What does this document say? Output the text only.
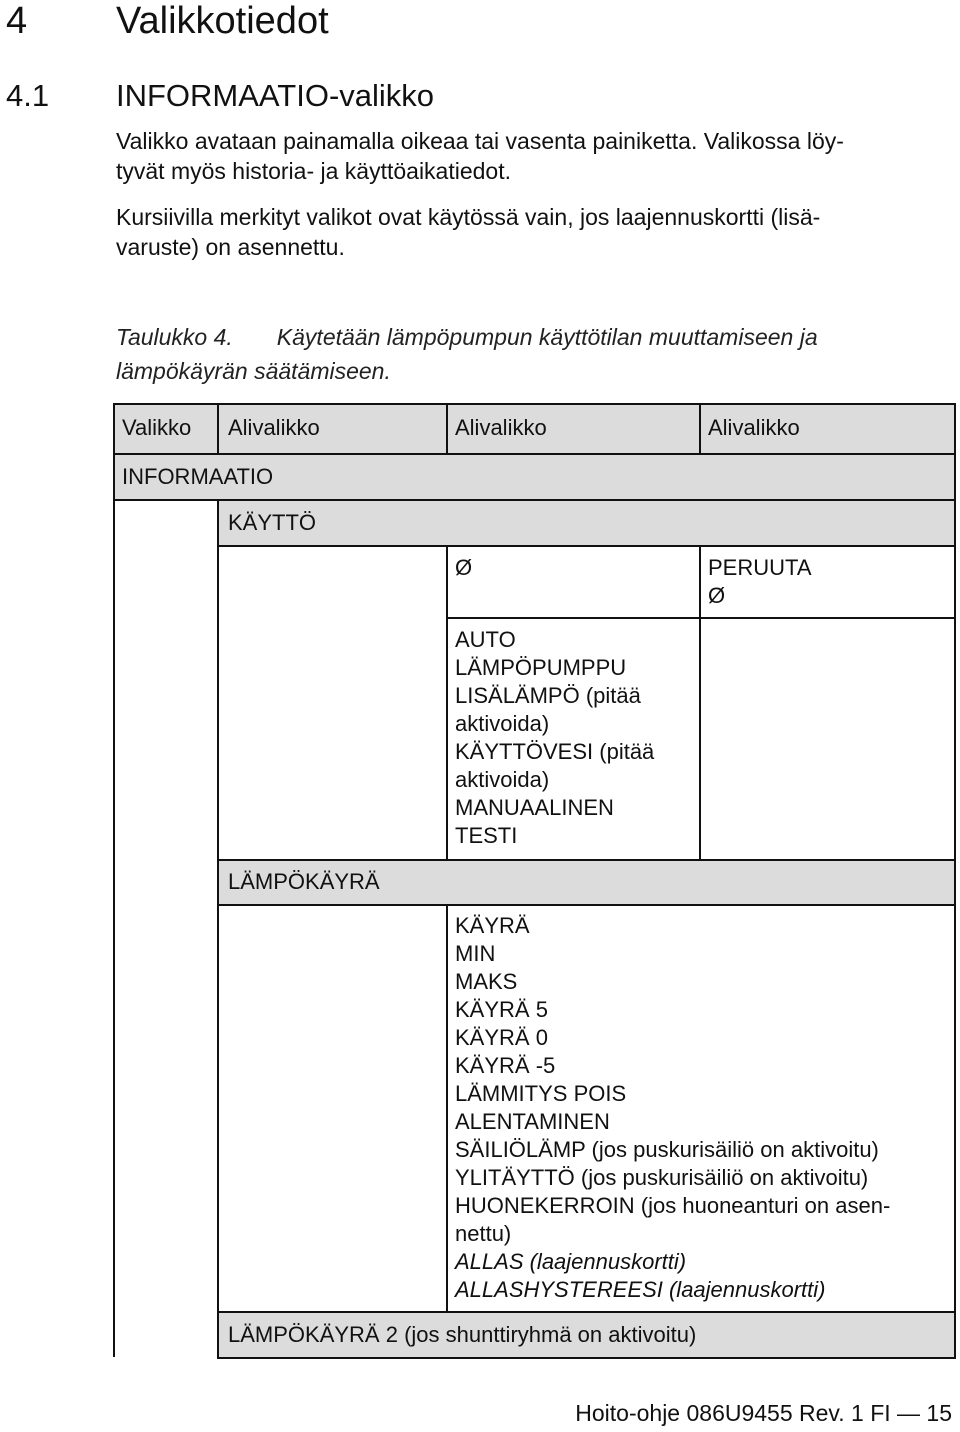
4 Valikkotiedot
4.1 INFORMAATIO-valikko
Valikko avataan painamalla oikeaa tai vasenta painiketta. Valikossa löy-
tyvät myös historia- ja käyttöaikatiedot.
Kursiivilla merkityt valikot ovat käytössä vain, jos laajennuskortti (lisä-
varuste) on asennettu.
Taulukko 4. Käytetään lämpöpumpun käyttötilan muuttamiseen ja
lämpökäyrän säätämiseen.
Valikko Alivalikko	Alivalikko	Alivalikko
INFORMAATIO
KÄYTTÖ
Ø	PERUUTA
Ø
AUTO
LÄMPÖPUMPPU
LISÄLÄMPÖ (pitää
aktivoida)
KÄYTTÖVESI (pitää
aktivoida)
MANUAALINEN
TESTI
LÄMPÖKÄYRÄ
KÄYRÄ
MIN
MAKS
KÄYRÄ 5
KÄYRÄ 0
KÄYRÄ -5
LÄMMITYS POIS
ALENTAMINEN
SÄILIÖLÄMP (jos puskurisäiliö on aktivoitu)
YLITÄYTTÖ (jos puskurisäiliö on aktivoitu)
HUONEKERROIN (jos huoneanturi on asen-
nettu)
ALLAS (laajennuskortti)
ALLASHYSTEREESI (laajennuskortti)
LÄMPÖKÄYRÄ 2 (jos shunttiryhmä on aktivoitu)
Hoito-ohje 086U9455 Rev. 1 FI — 15
